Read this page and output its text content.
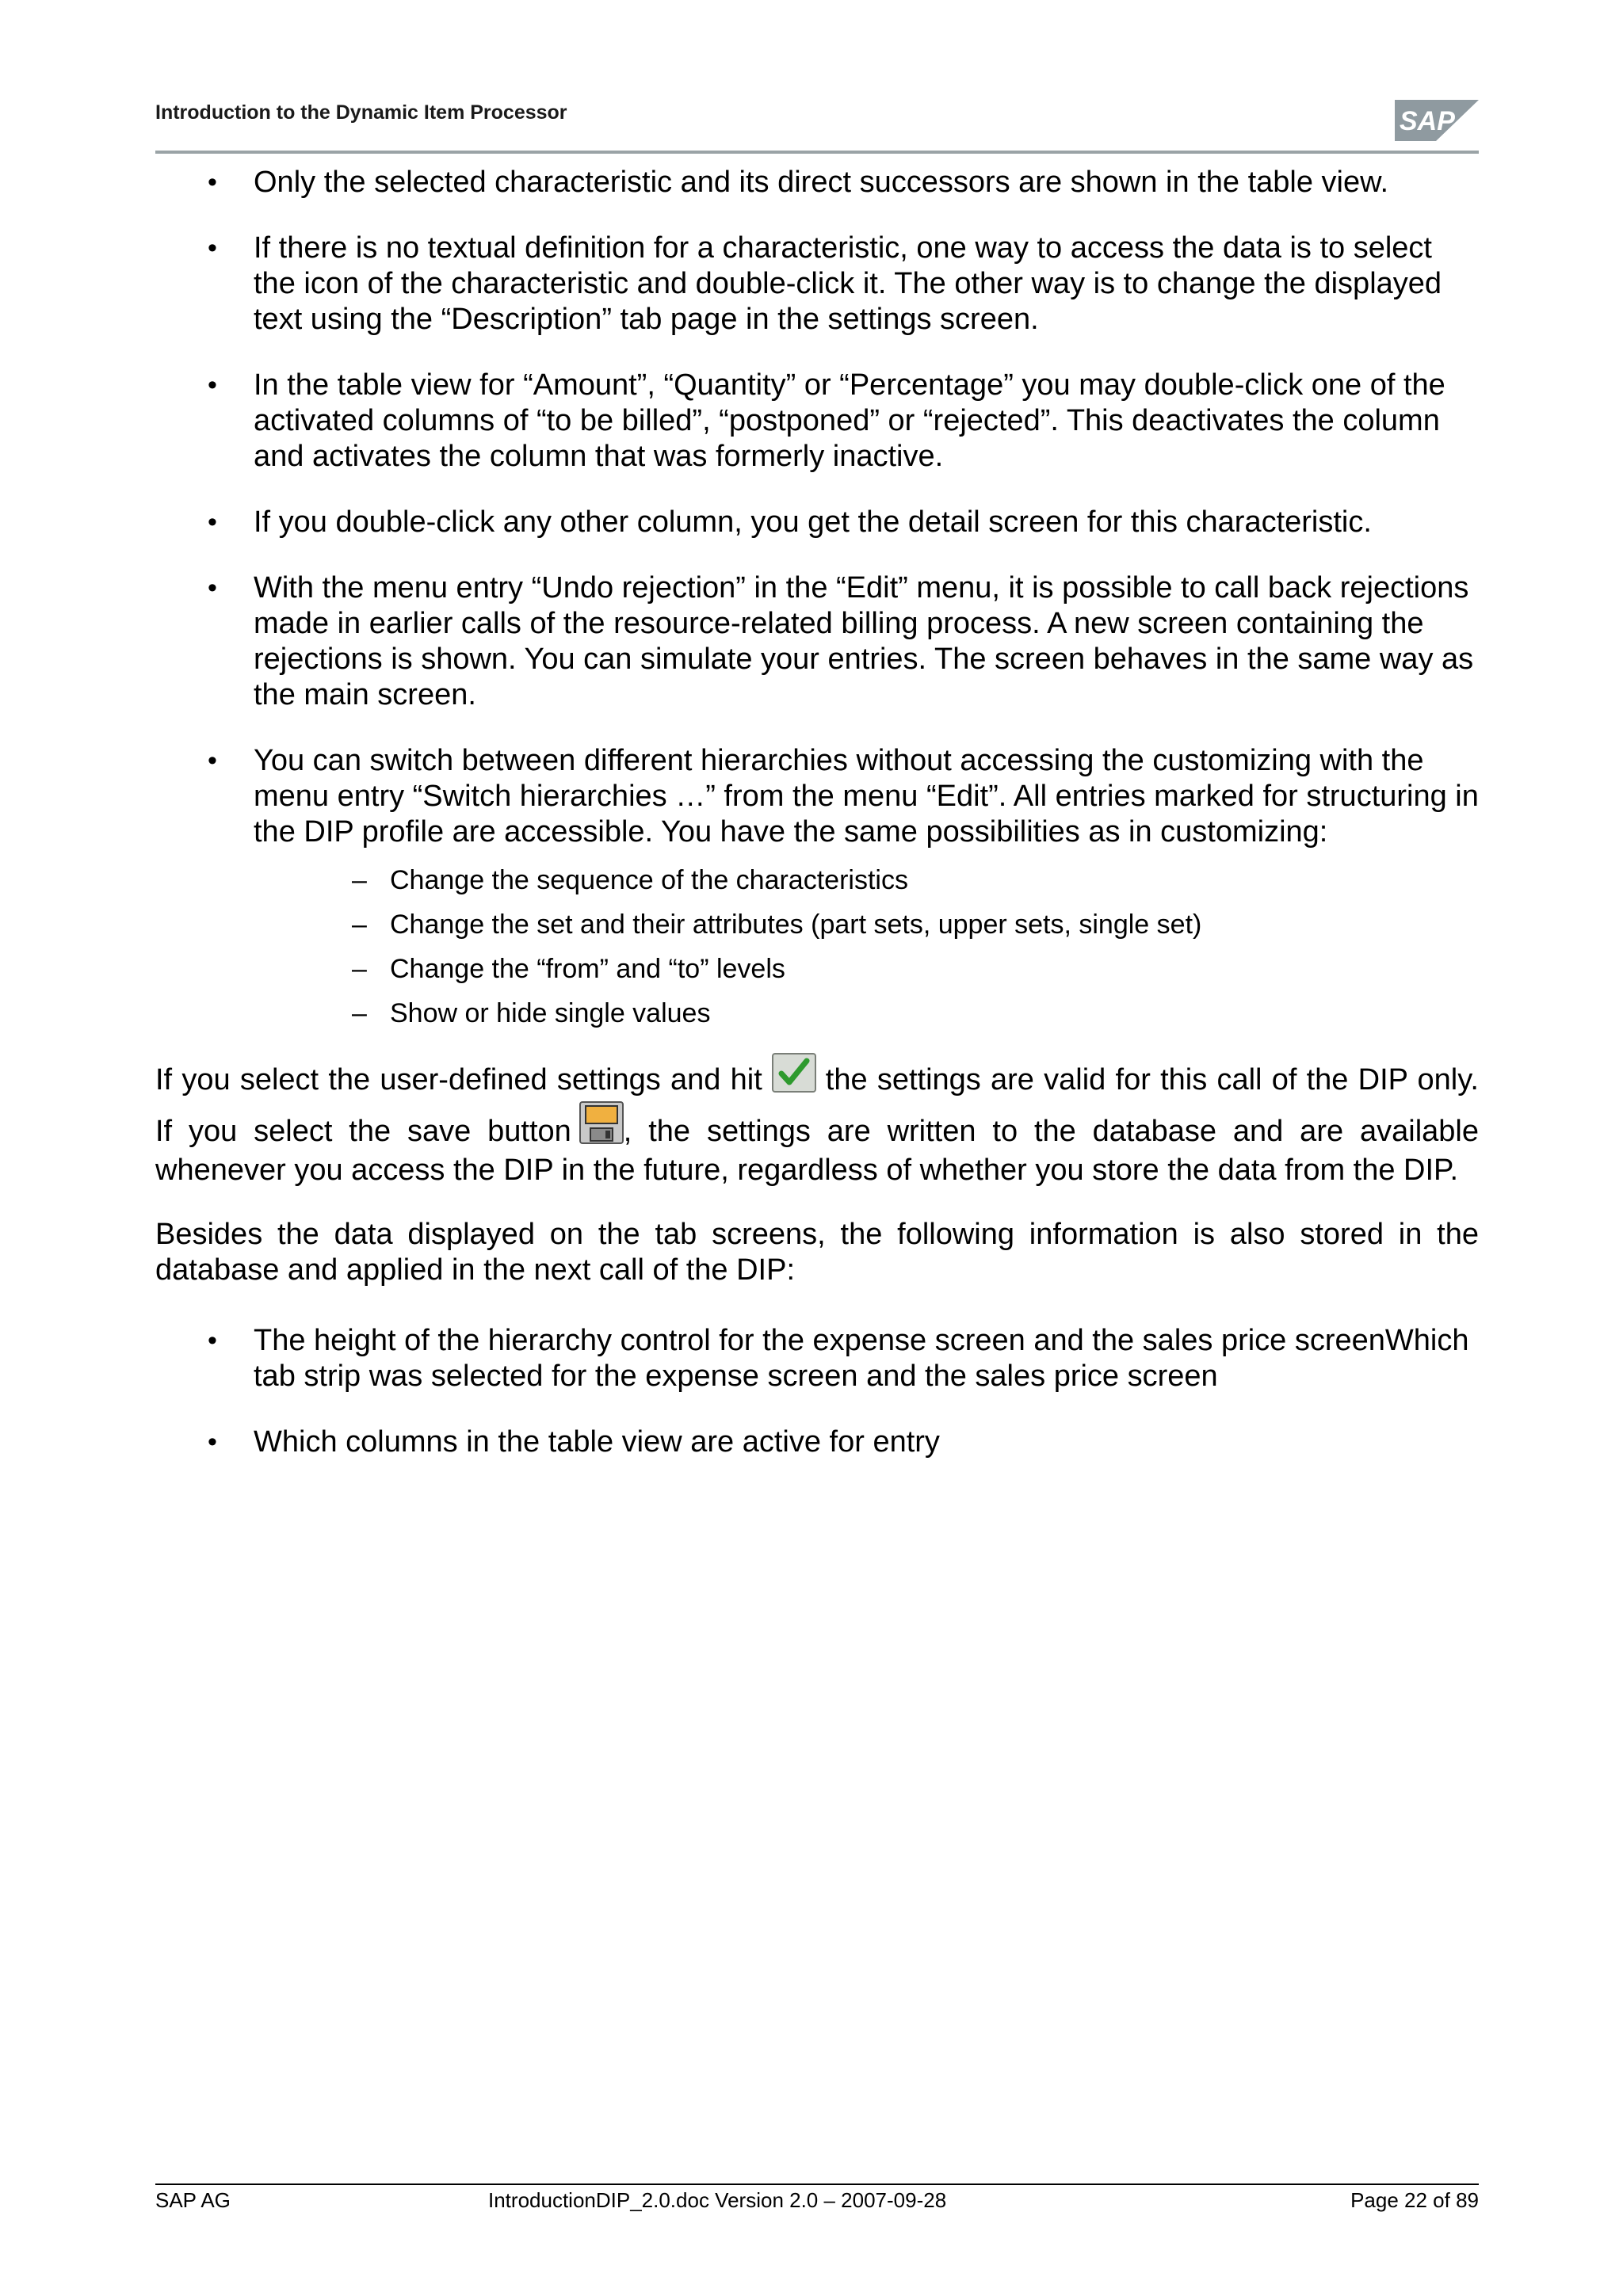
Introduction to the Dynamic Item Processor	SAP
• Only the selected characteristic and its direct successors are shown in the table view.
• If there is no textual definition for a characteristic, one way to access the data is to select the icon of the characteristic and double-click it. The other way is to change the displayed text using the “Description” tab page in the settings screen.
• In the table view for “Amount”, “Quantity” or “Percentage” you may double-click one of the activated columns of “to be billed”, “postponed” or “rejected”. This deactivates the column and activates the column that was formerly inactive.
• If you double-click any other column, you get the detail screen for this characteristic.
• With the menu entry “Undo rejection” in the “Edit” menu, it is possible to call back rejections made in earlier calls of the resource-related billing process. A new screen containing the rejections is shown. You can simulate your entries. The screen behaves in the same way as the main screen.
• You can switch between different hierarchies without accessing the customizing with the menu entry “Switch hierarchies …” from the menu “Edit”. All entries marked for structuring in the DIP profile are accessible. You have the same possibilities as in customizing:
– Change the sequence of the characteristics
– Change the set and their attributes (part sets, upper sets, single set)
– Change the “from” and “to” levels
– Show or hide single values

If you select the user-defined settings and hit the settings are valid for this call of the DIP only. If you select the save button , the settings are written to the database and are available whenever you access the DIP in the future, regardless of whether you store the data from the DIP.

Besides the data displayed on the tab screens, the following information is also stored in the database and applied in the next call of the DIP:

• The height of the hierarchy control for the expense screen and the sales price screenWhich tab strip was selected for the expense screen and the sales price screen
• Which columns in the table view are active for entry
SAP AG	IntroductionDIP_2.0.doc Version 2.0 – 2007-09-28	Page 22 of 89
